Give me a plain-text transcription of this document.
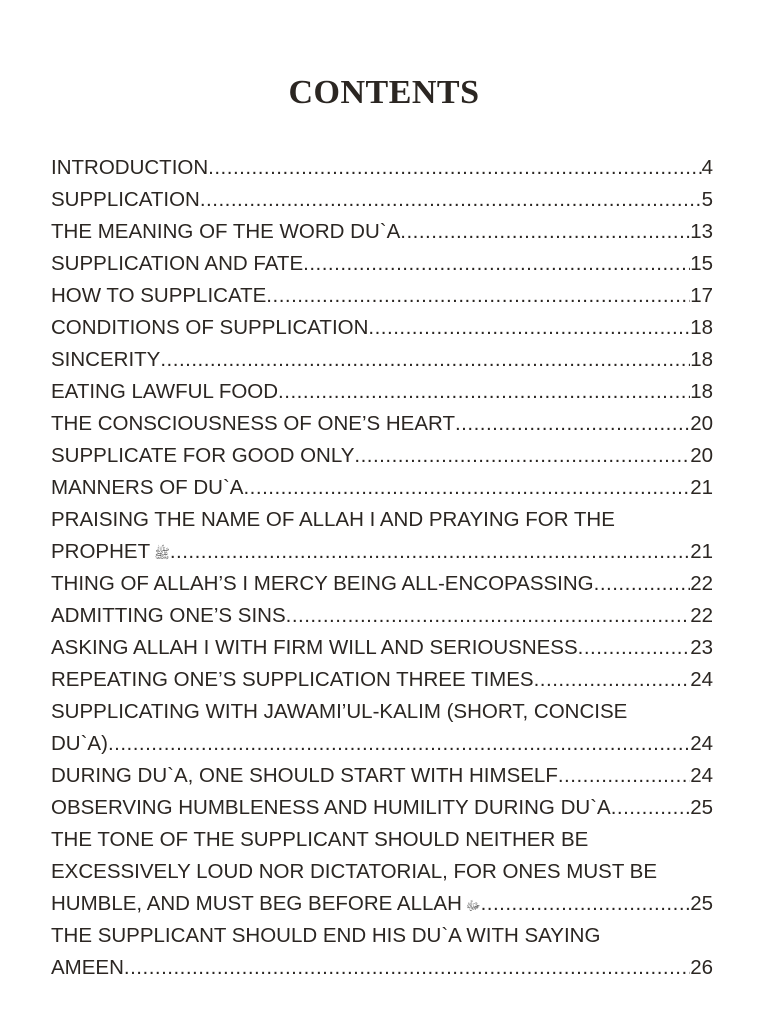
CONTENTS
INTRODUCTION .....	4
SUPPLICATION .....	5
THE MEANING OF THE WORD DU`A .....	13
SUPPLICATION AND FATE .....	15
HOW TO SUPPLICATE .....	17
CONDITIONS OF SUPPLICATION .....	18
SINCERITY .....	18
EATING LAWFUL FOOD .....	18
THE CONSCIOUSNESS OF ONE’S HEART .....	20
SUPPLICATE FOR GOOD ONLY .....	20
MANNERS OF DU`A .....	21
PRAISING THE NAME OF ALLAH I AND PRAYING FOR THE
PROPHET ﷺ .....	21
THING OF ALLAH’S I MERCY BEING ALL-ENCOPASSING .....	22
ADMITTING ONE’S SINS .....	22
ASKING ALLAH I WITH FIRM WILL AND SERIOUSNESS .....	23
REPEATING ONE’S SUPPLICATION THREE TIMES .....	24
SUPPLICATING WITH JAWAMI’UL-KALIM (SHORT, CONCISE
DU`A) .....	24
DURING DU`A, ONE SHOULD START WITH HIMSELF .....	24
OBSERVING HUMBLENESS AND HUMILITY DURING DU`A .....	25
THE TONE OF THE SUPPLICANT SHOULD NEITHER BE
EXCESSIVELY LOUD NOR DICTATORIAL, FOR ONES MUST BE
HUMBLE, AND MUST BEG BEFORE ALLAH ﷻ .....	25
THE SUPPLICANT SHOULD END HIS DU`A WITH SAYING
AMEEN .....	26
